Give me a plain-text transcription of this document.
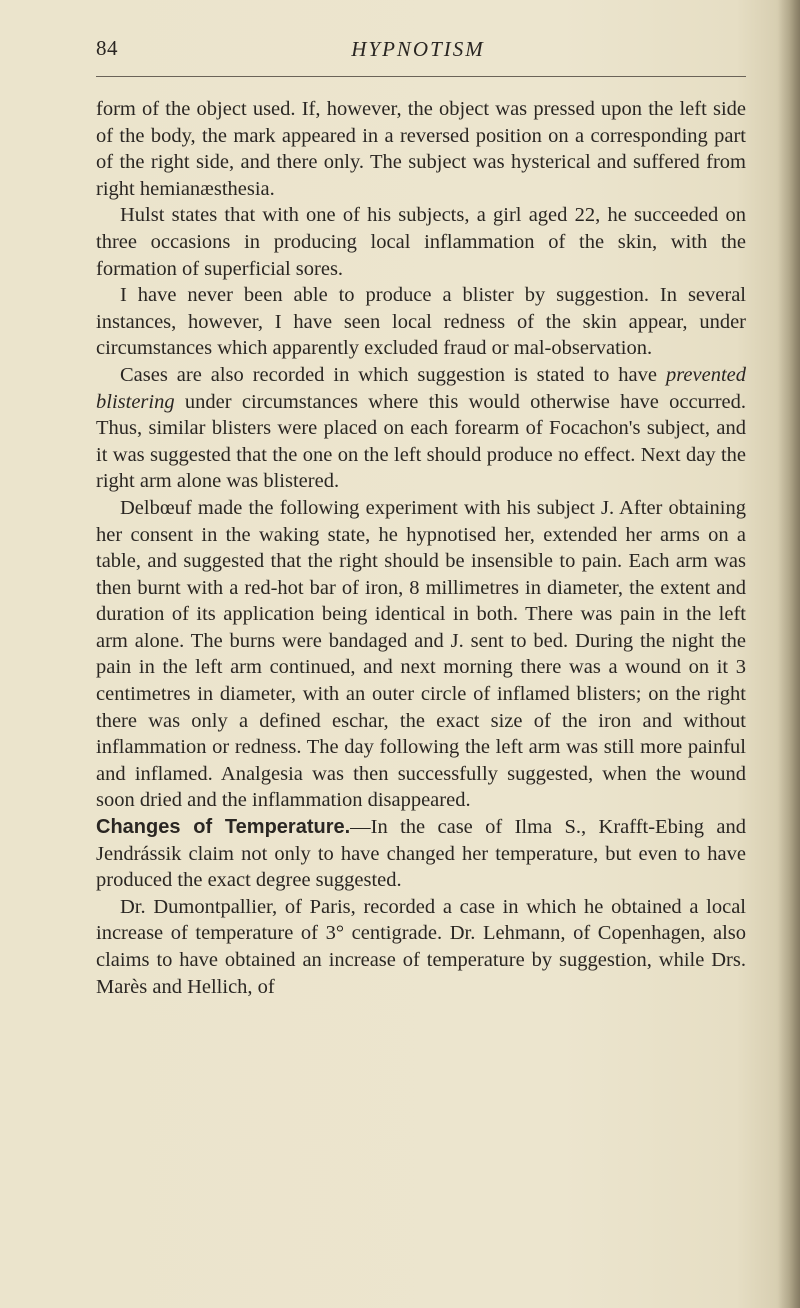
84	HYPNOTISM

form of the object used. If, however, the object was pressed upon the left side of the body, the mark appeared in a reversed position on a corresponding part of the right side, and there only. The subject was hysterical and suffered from right hemianæsthesia.

Hulst states that with one of his subjects, a girl aged 22, he succeeded on three occasions in producing local inflammation of the skin, with the formation of superficial sores.

I have never been able to produce a blister by suggestion. In several instances, however, I have seen local redness of the skin appear, under circumstances which apparently excluded fraud or mal-observation.

Cases are also recorded in which suggestion is stated to have prevented blistering under circumstances where this would otherwise have occurred. Thus, similar blisters were placed on each forearm of Focachon's subject, and it was suggested that the one on the left should produce no effect. Next day the right arm alone was blistered.

Delbœuf made the following experiment with his subject J. After obtaining her consent in the waking state, he hypnotised her, extended her arms on a table, and suggested that the right should be insensible to pain. Each arm was then burnt with a red-hot bar of iron, 8 millimetres in diameter, the extent and duration of its application being identical in both. There was pain in the left arm alone. The burns were bandaged and J. sent to bed. During the night the pain in the left arm continued, and next morning there was a wound on it 3 centimetres in diameter, with an outer circle of inflamed blisters; on the right there was only a defined eschar, the exact size of the iron and without inflammation or redness. The day following the left arm was still more painful and inflamed. Analgesia was then successfully suggested, when the wound soon dried and the inflammation disappeared.

Changes of Temperature.—In the case of Ilma S., Krafft-Ebing and Jendrássik claim not only to have changed her temperature, but even to have produced the exact degree suggested.

Dr. Dumontpallier, of Paris, recorded a case in which he obtained a local increase of temperature of 3° centigrade. Dr. Lehmann, of Copenhagen, also claims to have obtained an increase of temperature by suggestion, while Drs. Marès and Hellich, of
